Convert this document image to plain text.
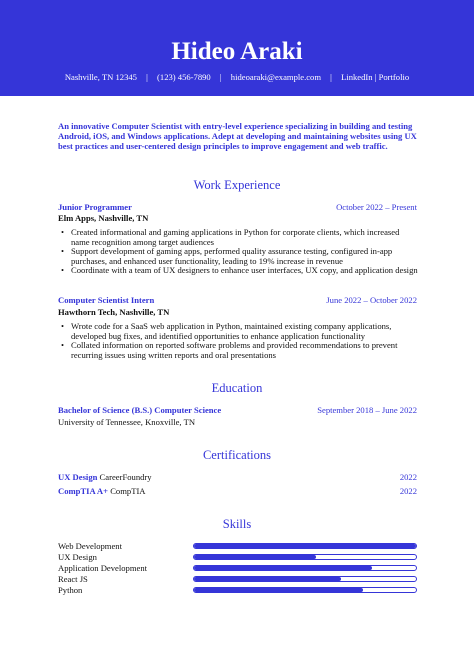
Hideo Araki
Nashville, TN 12345 | (123) 456-7890 | hideoaraki@example.com | LinkedIn | Portfolio
An innovative Computer Scientist with entry-level experience specializing in building and testing Android, iOS, and Windows applications. Adept at developing and maintaining websites using UX best practices and user-centered design principles to improve engagement and web traffic.
Work Experience
Junior Programmer	October 2022 – Present
Elm Apps, Nashville, TN
• Created informational and gaming applications in Python for corporate clients, which increased name recognition among target audiences
• Support development of gaming apps, performed quality assurance testing, configured in-app purchases, and enhanced user functionality, leading to 19% increase in revenue
• Coordinate with a team of UX designers to enhance user interfaces, UX copy, and application design
Computer Scientist Intern	June 2022 – October 2022
Hawthorn Tech, Nashville, TN
• Wrote code for a SaaS web application in Python, maintained existing company applications, developed bug fixes, and identified opportunities to enhance application functionality
• Collated information on reported software problems and provided recommendations to prevent recurring issues using written reports and oral presentations
Education
Bachelor of Science (B.S.) Computer Science	September 2018 – June 2022
University of Tennessee, Knoxville, TN
Certifications
UX Design CareerFoundry	2022
CompTIA A+ CompTIA	2022
Skills
Web Development
UX Design
Application Development
React JS
Python
